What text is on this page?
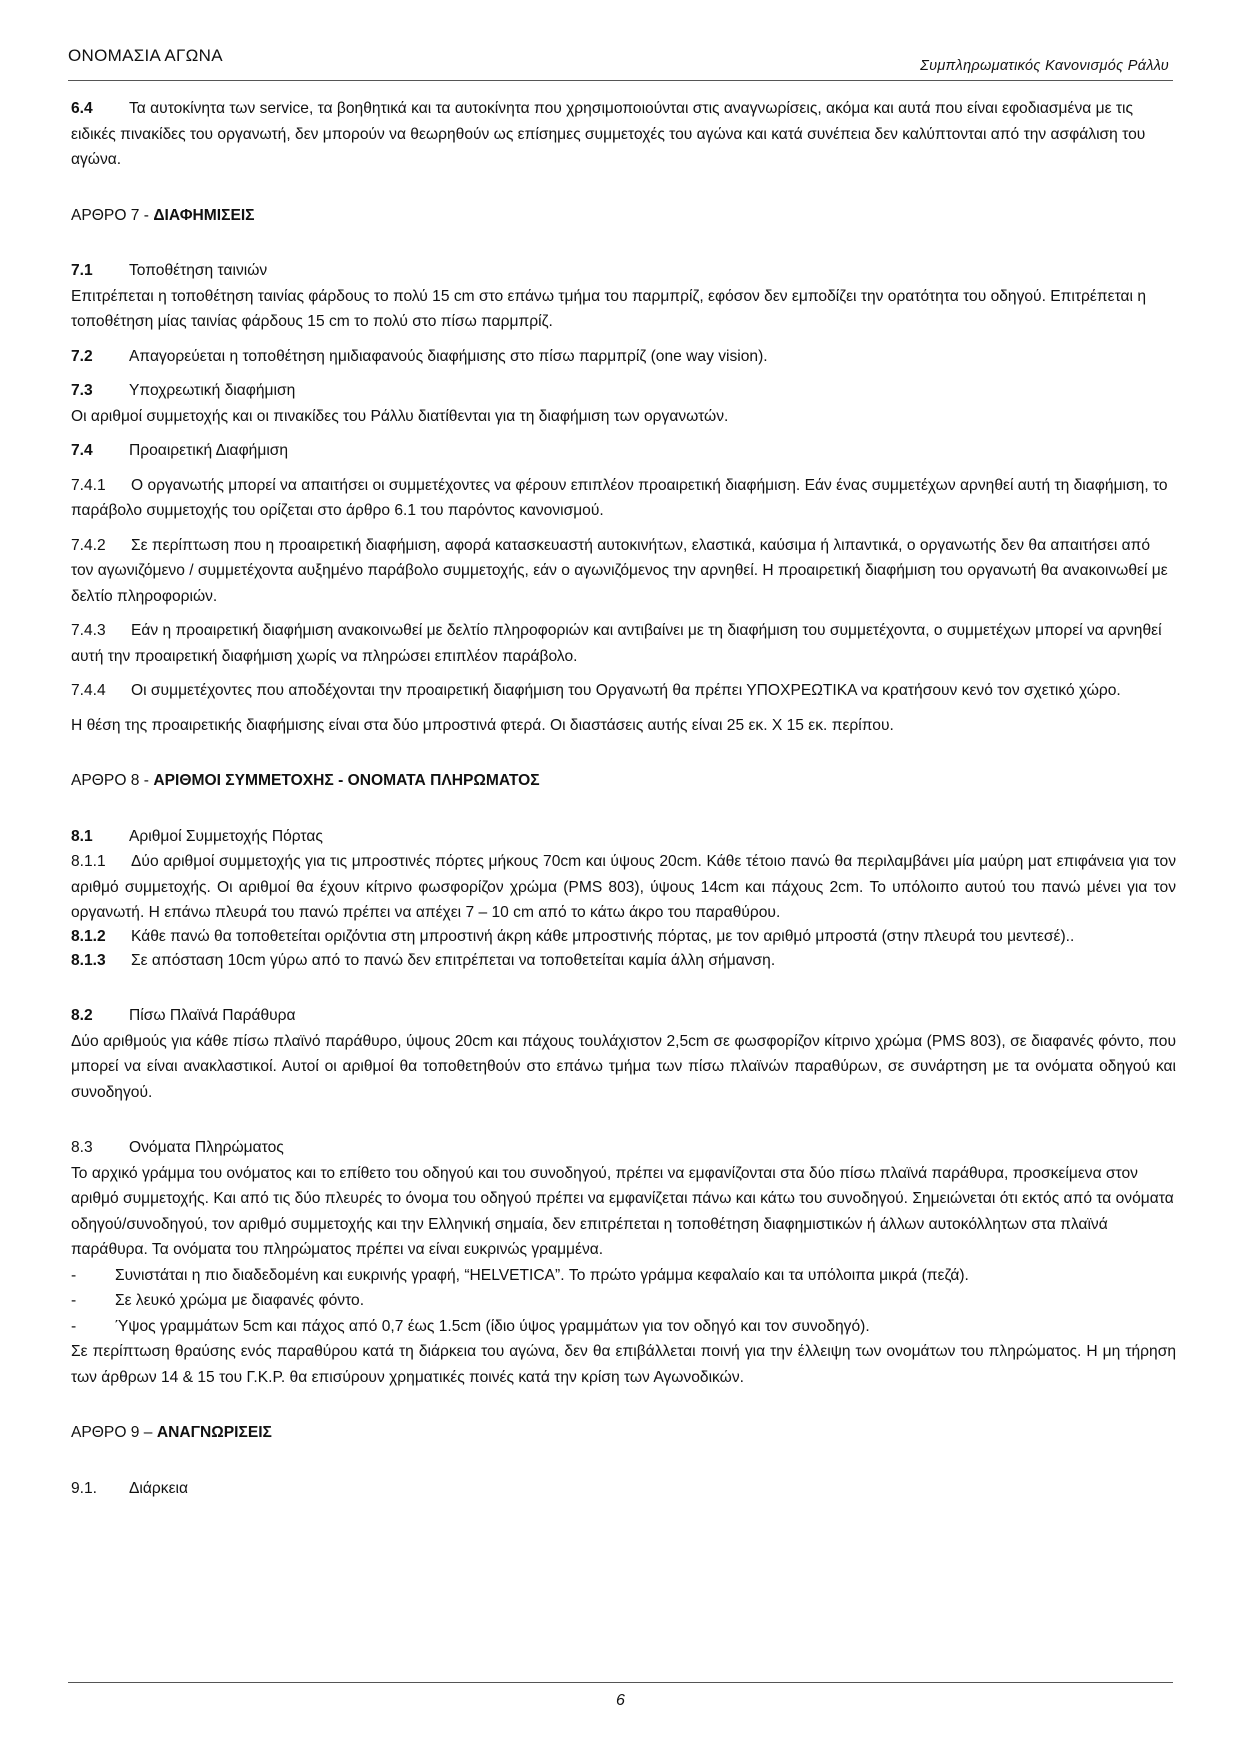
ΟΝΟΜΑΣΙΑ ΑΓΩΝΑ
Συμπληρωματικός Κανονισμός Ράλλυ

6.4 Τα αυτοκίνητα των service, τα βοηθητικά και τα αυτοκίνητα που χρησιμοποιούνται στις αναγνωρίσεις, ακόμα και αυτά που είναι εφοδιασμένα με τις ειδικές πινακίδες του οργανωτή, δεν μπορούν να θεωρηθούν ως επίσημες συμμετοχές του αγώνα και κατά συνέπεια δεν καλύπτονται από την ασφάλιση του αγώνα.

ΑΡΘΡΟ 7 - ΔΙΑΦΗΜΙΣΕΙΣ

7.1 Τοποθέτηση ταινιών

Επιτρέπεται η τοποθέτηση ταινίας φάρδους το πολύ 15 cm στο επάνω τμήμα του παρμπρίζ, εφόσον δεν εμποδίζει την ορατότητα του οδηγού. Επιτρέπεται η τοποθέτηση μίας ταινίας φάρδους 15 cm το πολύ στο πίσω παρμπρίζ.

7.2 Απαγορεύεται η τοποθέτηση ημιδιαφανούς διαφήμισης στο πίσω παρμπρίζ (one way vision).

7.3 Υποχρεωτική διαφήμιση

Οι αριθμοί συμμετοχής και οι πινακίδες του Ράλλυ διατίθενται για τη διαφήμιση των οργανωτών.

7.4 Προαιρετική Διαφήμιση

7.4.1 Ο οργανωτής μπορεί να απαιτήσει οι συμμετέχοντες να φέρουν επιπλέον προαιρετική διαφήμιση. Εάν ένας συμμετέχων αρνηθεί αυτή τη διαφήμιση, το παράβολο συμμετοχής του ορίζεται στο άρθρο 6.1 του παρόντος κανονισμού.

7.4.2 Σε περίπτωση που η προαιρετική διαφήμιση, αφορά κατασκευαστή αυτοκινήτων, ελαστικά, καύσιμα ή λιπαντικά, ο οργανωτής δεν θα απαιτήσει από τον αγωνιζόμενο / συμμετέχοντα αυξημένο παράβολο συμμετοχής, εάν ο αγωνιζόμενος την αρνηθεί. Η προαιρετική διαφήμιση του οργανωτή θα ανακοινωθεί με δελτίο πληροφοριών.

7.4.3 Εάν η προαιρετική διαφήμιση ανακοινωθεί με δελτίο πληροφοριών και αντιβαίνει με τη διαφήμιση του συμμετέχοντα, ο συμμετέχων μπορεί να αρνηθεί αυτή την προαιρετική διαφήμιση χωρίς να πληρώσει επιπλέον παράβολο.

7.4.4 Οι συμμετέχοντες που αποδέχονται την προαιρετική διαφήμιση του Οργανωτή θα πρέπει ΥΠΟΧΡΕΩΤΙΚΑ να κρατήσουν κενό τον σχετικό χώρο.

Η θέση της προαιρετικής διαφήμισης είναι στα δύο μπροστινά φτερά. Οι διαστάσεις αυτής είναι 25 εκ. Χ 15 εκ. περίπου.

ΑΡΘΡΟ 8 - ΑΡΙΘΜΟΙ ΣΥΜΜΕΤΟΧΗΣ - ΟΝΟΜΑΤΑ ΠΛΗΡΩΜΑΤΟΣ

8.1 Αριθμοί Συμμετοχής Πόρτας

8.1.1 Δύο αριθμοί συμμετοχής για τις μπροστινές πόρτες μήκους 70cm και ύψους 20cm. Κάθε τέτοιο πανώ θα περιλαμβάνει μία μαύρη ματ επιφάνεια για τον αριθμό συμμετοχής. Οι αριθμοί θα έχουν κίτρινο φωσφορίζον χρώμα (PMS 803), ύψους 14cm και πάχους 2cm. Το υπόλοιπο αυτού του πανώ μένει για τον οργανωτή. Η επάνω πλευρά του πανώ πρέπει να απέχει 7 – 10 cm από το κάτω άκρο του παραθύρου.

8.1.2 Κάθε πανώ θα τοποθετείται οριζόντια στη μπροστινή άκρη κάθε μπροστινής πόρτας, με τον αριθμό μπροστά (στην πλευρά του μεντεσέ)..

8.1.3 Σε απόσταση 10cm γύρω από το πανώ δεν επιτρέπεται να τοποθετείται καμία άλλη σήμανση.

8.2 Πίσω Πλαϊνά Παράθυρα

Δύο αριθμούς για κάθε πίσω πλαϊνό παράθυρο, ύψους 20cm και πάχους τουλάχιστον 2,5cm σε φωσφορίζον κίτρινο χρώμα (PMS 803), σε διαφανές φόντο, που μπορεί να είναι ανακλαστικοί. Αυτοί οι αριθμοί θα τοποθετηθούν στο επάνω τμήμα των πίσω πλαϊνών παραθύρων, σε συνάρτηση με τα ονόματα οδηγού και συνοδηγού.

8.3 Ονόματα Πληρώματος

Το αρχικό γράμμα του ονόματος και το επίθετο του οδηγού και του συνοδηγού, πρέπει να εμφανίζονται στα δύο πίσω πλαϊνά παράθυρα, προσκείμενα στον αριθμό συμμετοχής. Και από τις δύο πλευρές το όνομα του οδηγού πρέπει να εμφανίζεται πάνω και κάτω του συνοδηγού. Σημειώνεται ότι εκτός από τα ονόματα οδηγού/συνοδηγού, τον αριθμό συμμετοχής και την Ελληνική σημαία, δεν επιτρέπεται η τοποθέτηση διαφημιστικών ή άλλων αυτοκόλλητων στα πλαϊνά παράθυρα. Τα ονόματα του πληρώματος πρέπει να είναι ευκρινώς γραμμένα.

-	Συνιστάται η πιο διαδεδομένη και ευκρινής γραφή, “HELVETICA”. Το πρώτο γράμμα κεφαλαίο και τα υπόλοιπα μικρά (πεζά).
-	Σε λευκό χρώμα με διαφανές φόντο.
-	Ύψος γραμμάτων 5cm και πάχος από 0,7 έως 1.5cm (ίδιο ύψος γραμμάτων για τον οδηγό και τον συνοδηγό).

Σε περίπτωση θραύσης ενός παραθύρου κατά τη διάρκεια του αγώνα, δεν θα επιβάλλεται ποινή για την έλλειψη των ονομάτων του πληρώματος. Η μη τήρηση των άρθρων 14 & 15 του Γ.Κ.Ρ. θα επισύρουν χρηματικές ποινές κατά την κρίση των Αγωνοδικών.

ΑΡΘΡΟ 9 – ΑΝΑΓΝΩΡΙΣΕΙΣ

9.1. Διάρκεια

6
